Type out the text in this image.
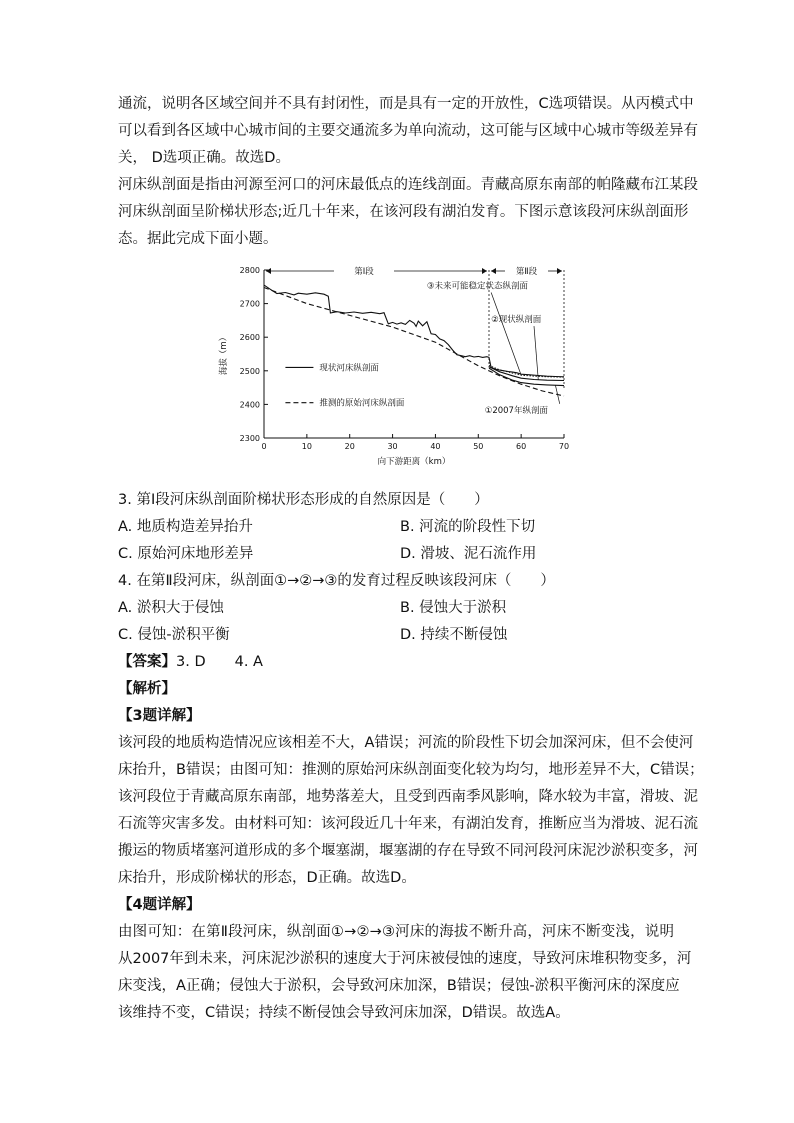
通流，说明各区域空间并不具有封闭性，而是具有一定的开放性，C选项错误。从丙模式中
可以看到各区域中心城市间的主要交通流多为单向流动，这可能与区域中心城市等级差异有
关， D选项正确。故选D。
河床纵剖面是指由河源至河口的河床最低点的连线剖面。青藏高原东南部的帕隆藏布江某段
河床纵剖面呈阶梯状形态;近几十年来，在该河段有湖泊发育。下图示意该段河床纵剖面形
态。据此完成下面小题。
2300
2400
2500
2600
2700
2800
0	10	20	30	40	50	60	70
向下游距离（km）
海拔（m）
第Ⅰ段	第Ⅱ段
现状河床纵剖面
推测的原始河床纵剖面
③未来可能稳定状态纵剖面
②现状纵剖面
①2007年纵剖面
3. 第Ⅰ段河床纵剖面阶梯状形态形成的自然原因是（　　）
A. 地质构造差异抬升	B. 河流的阶段性下切
C. 原始河床地形差异	D. 滑坡、泥石流作用
4. 在第Ⅱ段河床，纵剖面①→②→③的发育过程反映该段河床（　　）
A. 淤积大于侵蚀	B. 侵蚀大于淤积
C. 侵蚀-淤积平衡	D. 持续不断侵蚀
【答案】3. D　　4. A
【解析】
【3题详解】
该河段的地质构造情况应该相差不大，A错误；河流的阶段性下切会加深河床，但不会使河
床抬升，B错误；由图可知：推测的原始河床纵剖面变化较为均匀，地形差异不大，C错误；
该河段位于青藏高原东南部，地势落差大，且受到西南季风影响，降水较为丰富，滑坡、泥
石流等灾害多发。由材料可知：该河段近几十年来，有湖泊发育，推断应当为滑坡、泥石流
搬运的物质堵塞河道形成的多个堰塞湖，堰塞湖的存在导致不同河段河床泥沙淤积变多，河
床抬升，形成阶梯状的形态，D正确。故选D。
【4题详解】
由图可知：在第Ⅱ段河床，纵剖面①→②→③河床的海拔不断升高，河床不断变浅，说明
从2007年到未来，河床泥沙淤积的速度大于河床被侵蚀的速度，导致河床堆积物变多，河
床变浅，A正确；侵蚀大于淤积，会导致河床加深，B错误；侵蚀-淤积平衡河床的深度应
该维持不变，C错误；持续不断侵蚀会导致河床加深，D错误。故选A。
